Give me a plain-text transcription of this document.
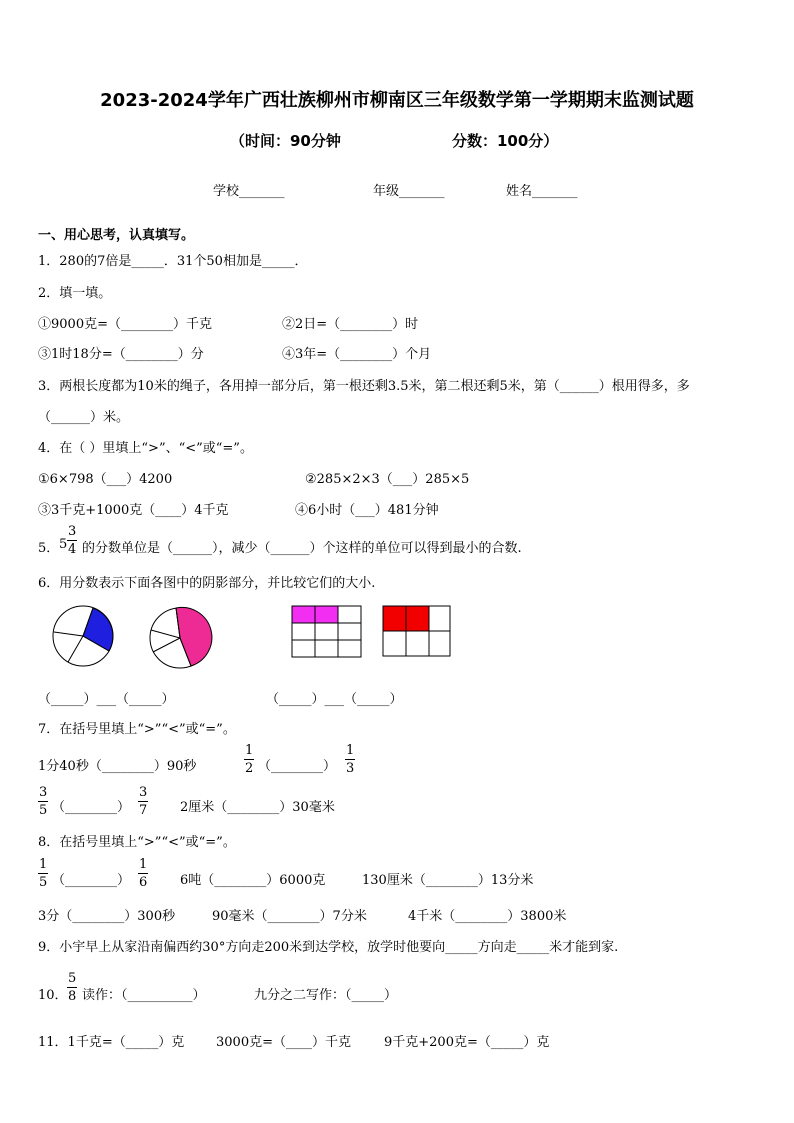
2023-2024学年广西壮族柳州市柳南区三年级数学第一学期期末监测试题
（时间：90分钟	分数：100分）
学校_______	年级_______	姓名_______
一、用心思考，认真填写。
1．280的7倍是_____．31个50相加是_____．
2．填一填。
①9000克=（________）千克	②2日=（________）时
③1时18分=（________）分	④3年=（________）个月
3．两根长度都为10米的绳子，各用掉一部分后，第一根还剩3.5米，第二根还剩5米，第（______）根用得多，多
（______）米。
4．在（ ）里填上“>”、“<”或“=”。
①6×798（___）4200	②285×2×3（___）285×5
③3千克+1000克（____）4千克	④6小时（___）481分钟
5． 5
3
4 的分数单位是（______），减少（______）个这样的单位可以得到最小的合数.
6．用分数表示下面各图中的阴影部分，并比较它们的大小.
（_____）___（_____）	（_____）___（_____）
7．在括号里填上“>”“<”或“=”。
1分40秒（________）90秒
1
2 （________）
1
3
3
5 （________）
3
7	2厘米（________）30毫米
8．在括号里填上“>”“<”或“=”。
1
5 （________）
1
6	6吨（________）6000克	130厘米（________）13分米
3分（________）300秒	90毫米（________）7分米	4千米（________）3800米
9．小宇早上从家沿南偏西约30°方向走200米到达学校，放学时他要向_____方向走_____米才能到家.
10．
5
8 读作：（__________）	九分之二写作：（_____）
11．1千克=（_____）克 3000克=（____）千克	9千克+200克=（_____）克
